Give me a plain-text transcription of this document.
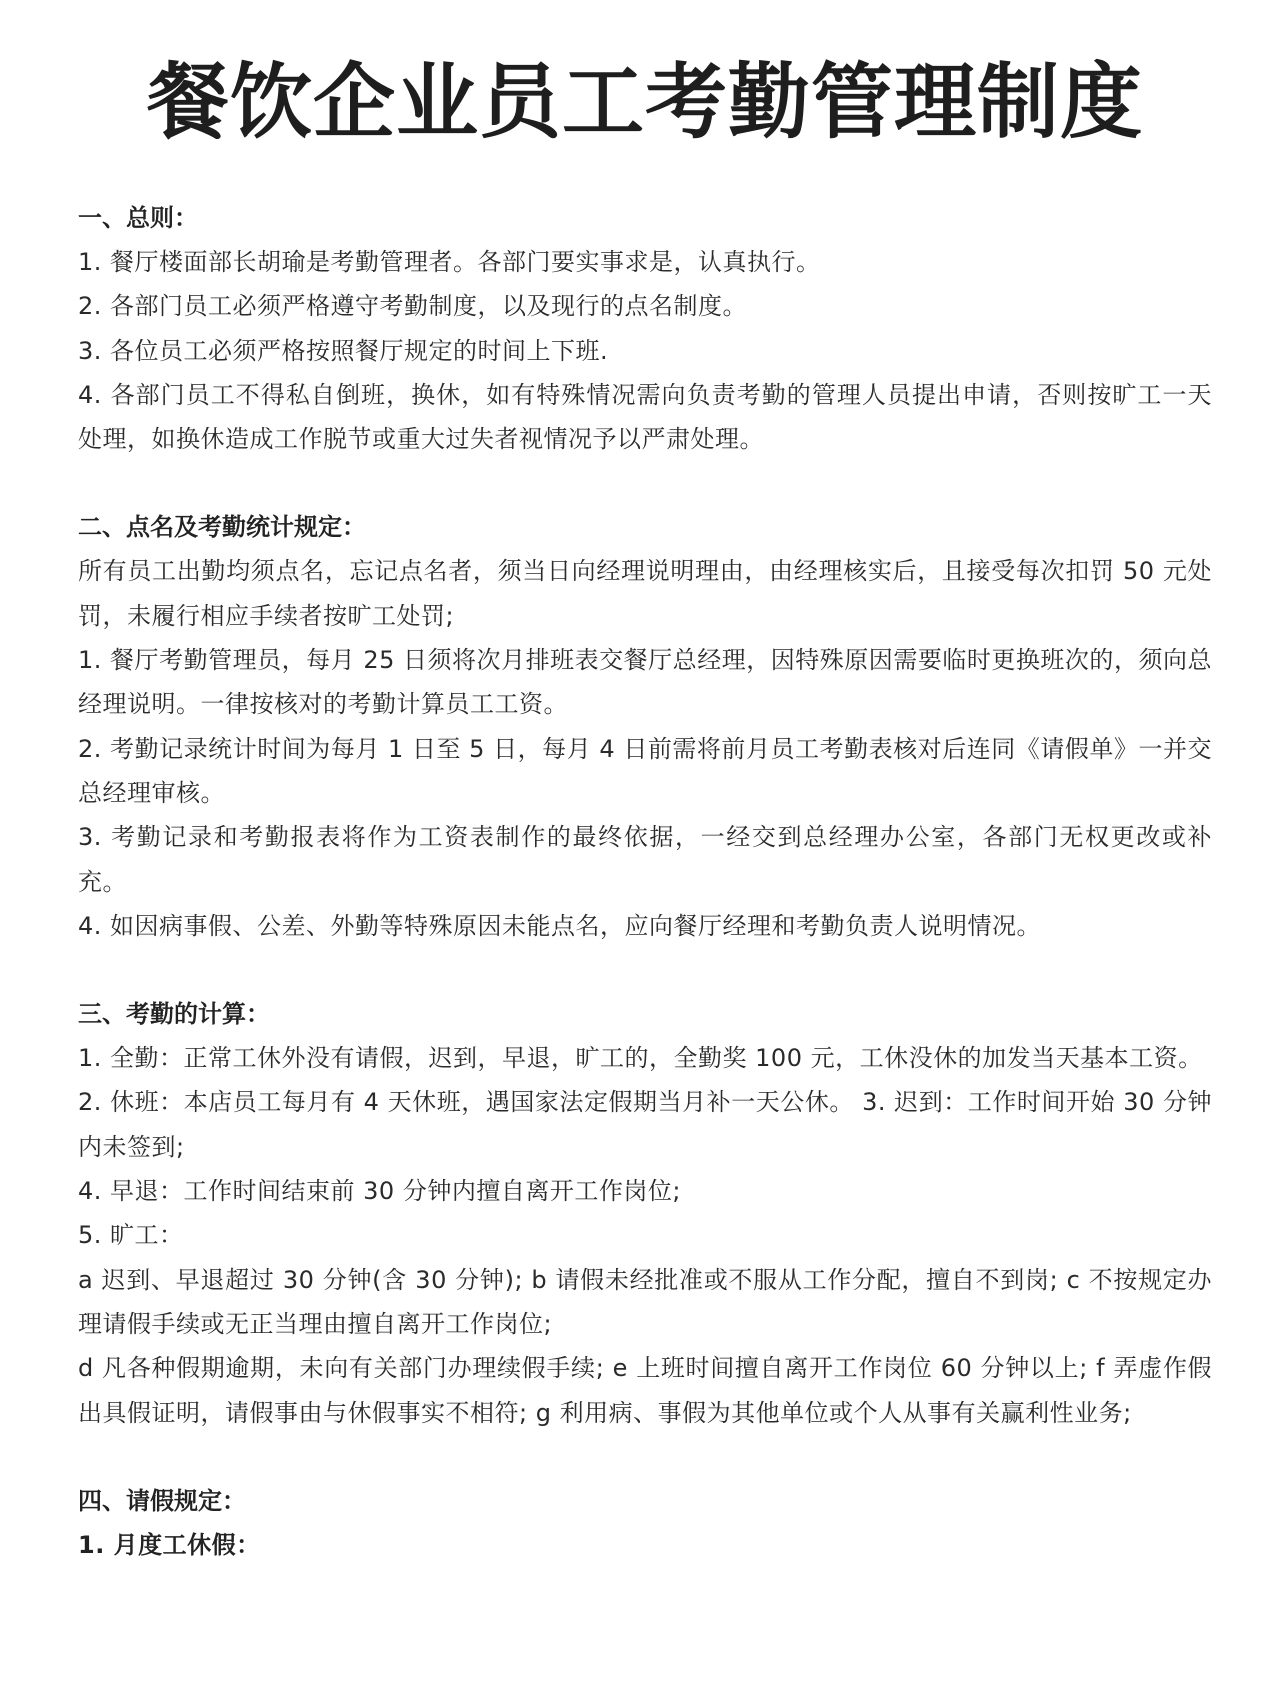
餐饮企业员工考勤管理制度
一、总则：

1. 餐厅楼面部长胡瑜是考勤管理者。各部门要实事求是，认真执行。

2. 各部门员工必须严格遵守考勤制度，以及现行的点名制度。

3. 各位员工必须严格按照餐厅规定的时间上下班.

4. 各部门员工不得私自倒班，换休，如有特殊情况需向负责考勤的管理人员提出申请，否则按旷工一天处理，如换休造成工作脱节或重大过失者视情况予以严肃处理。

二、点名及考勤统计规定：

所有员工出勤均须点名，忘记点名者，须当日向经理说明理由，由经理核实后，且接受每次扣罚 50 元处罚，未履行相应手续者按旷工处罚;

1. 餐厅考勤管理员，每月 25 日须将次月排班表交餐厅总经理，因特殊原因需要临时更换班次的，须向总经理说明。一律按核对的考勤计算员工工资。

2. 考勤记录统计时间为每月 1 日至 5 日，每月 4 日前需将前月员工考勤表核对后连同《请假单》一并交总经理审核。

3. 考勤记录和考勤报表将作为工资表制作的最终依据，一经交到总经理办公室，各部门无权更改或补充。

4. 如因病事假、公差、外勤等特殊原因未能点名，应向餐厅经理和考勤负责人说明情况。

三、考勤的计算：

1. 全勤：正常工休外没有请假，迟到，早退，旷工的，全勤奖 100 元，工休没休的加发当天基本工资。

2. 休班：本店员工每月有 4 天休班，遇国家法定假期当月补一天公休。 3. 迟到：工作时间开始 30 分钟内未签到;

4. 早退：工作时间结束前 30 分钟内擅自离开工作岗位;

5. 旷工：

a 迟到、早退超过 30 分钟(含 30 分钟); b 请假未经批准或不服从工作分配，擅自不到岗; c 不按规定办理请假手续或无正当理由擅自离开工作岗位;

d 凡各种假期逾期，未向有关部门办理续假手续; e 上班时间擅自离开工作岗位 60 分钟以上; f 弄虚作假出具假证明，请假事由与休假事实不相符; g 利用病、事假为其他单位或个人从事有关赢利性业务;

四、请假规定：

1. 月度工休假：
